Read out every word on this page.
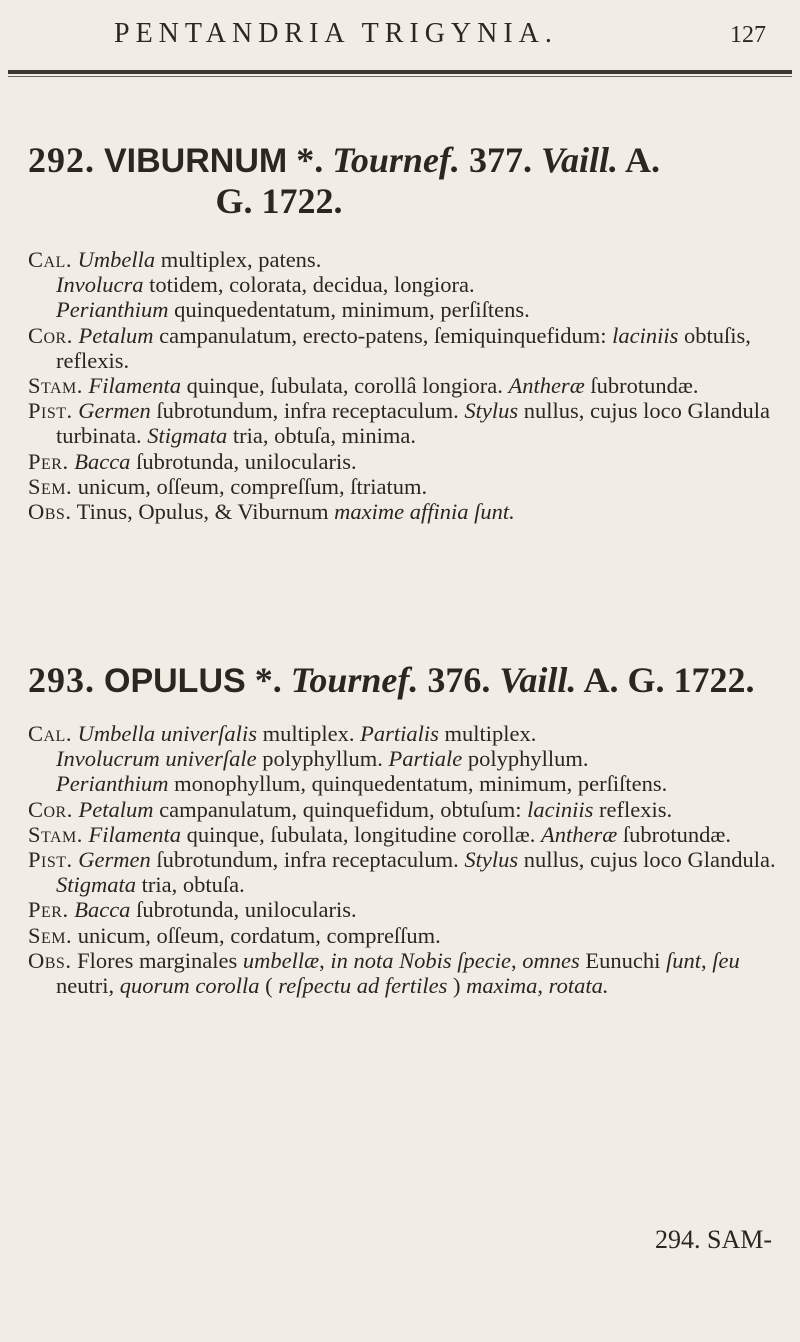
PENTANDRIA TRIGYNIA.	127
292. VIBURNUM *. Tournef. 377. Vaill. A.
G. 1722.

Cal. Umbella multiplex, patens.

Involucra totidem, colorata, decidua, longiora.

Perianthium quinquedentatum, minimum, perſiſtens.

Cor. Petalum campanulatum, erecto-patens, ſemiquinquefidum: laciniis obtuſis, reflexis.

Stam. Filamenta quinque, ſubulata, corollâ longiora. Antheræ ſubrotundæ.

Pist. Germen ſubrotundum, infra receptaculum. Stylus nullus, cujus loco Glandula turbinata. Stigmata tria, obtuſa, minima.

Per. Bacca ſubrotunda, unilocularis.

Sem. unicum, oſſeum, compreſſum, ſtriatum.

Obs. Tinus, Opulus, & Viburnum maxime affinia ſunt.

293. OPULUS *. Tournef. 376. Vaill. A. G. 1722.

Cal. Umbella univerſalis multiplex. Partialis multiplex.

Involucrum univerſale polyphyllum. Partiale polyphyllum.

Perianthium monophyllum, quinquedentatum, minimum, perſiſtens.

Cor. Petalum campanulatum, quinquefidum, obtuſum: laciniis reflexis.

Stam. Filamenta quinque, ſubulata, longitudine corollæ. Antheræ ſubrotundæ.

Pist. Germen ſubrotundum, infra receptaculum. Stylus nullus, cujus loco Glandula. Stigmata tria, obtuſa.

Per. Bacca ſubrotunda, unilocularis.

Sem. unicum, oſſeum, cordatum, compreſſum.

Obs. Flores marginales umbellæ, in nota Nobis ſpecie, omnes Eunuchi ſunt, ſeu neutri, quorum corolla ( reſpectu ad fertiles ) maxima, rotata.

294. SAM-
